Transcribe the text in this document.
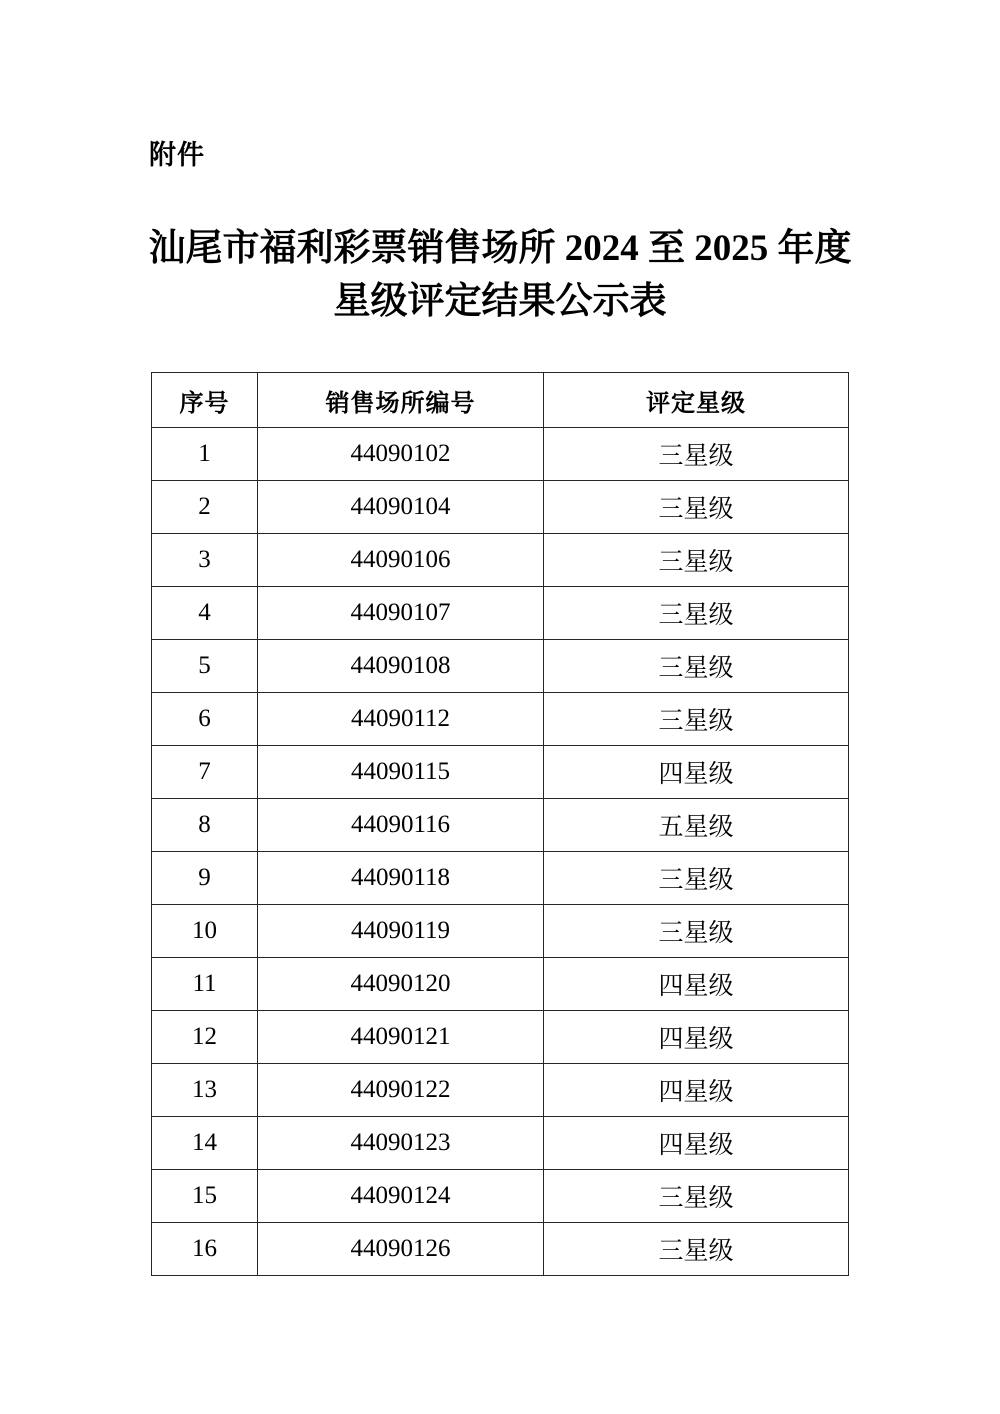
附件
汕尾市福利彩票销售场所 2024 至 2025 年度
星级评定结果公示表
序号	销售场所编号	评定星级
1	44090102	三星级
2	44090104	三星级
3	44090106	三星级
4	44090107	三星级
5	44090108	三星级
6	44090112	三星级
7	44090115	四星级
8	44090116	五星级
9	44090118	三星级
10	44090119	三星级
11	44090120	四星级
12	44090121	四星级
13	44090122	四星级
14	44090123	四星级
15	44090124	三星级
16	44090126	三星级
